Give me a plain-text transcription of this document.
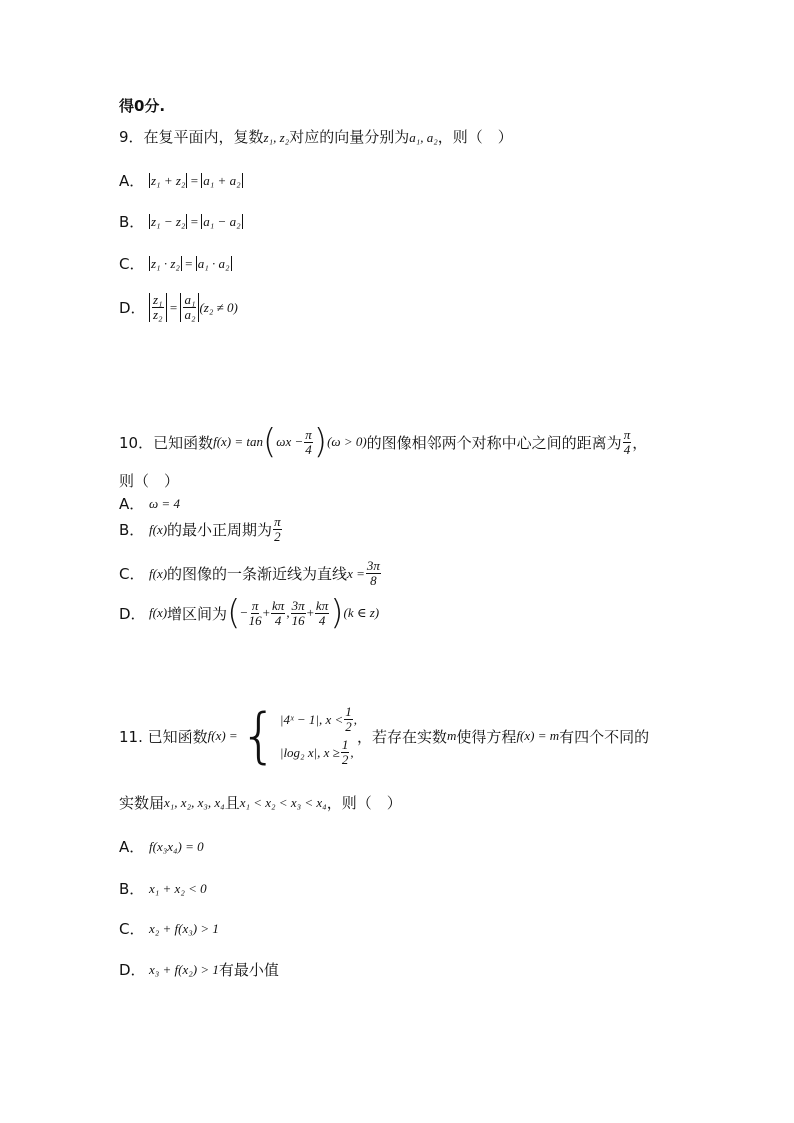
得0分.
9．在复平面内，复数z₁, z₂对应的向量分别为a₁, a₂，则（　）
A． z₁ + z₂ = a₁ + a₂
B． z₁ − z₂ = a₁ − a₂
C． z₁ · z₂ = a₁ · a₂
D． $\frac{\text{z₁}}{\text{z₂}} = \frac{\text{a₁}}{\text{a₂}} (z_2 \ne 0)$
10．已知函数 f(x) = tan ( $\omega x - \frac{\pi}{4}$ ) (ω > 0) 的图像相邻两个对称中心之间的距离为 $\frac{\pi}{4}$ ，
则（　）
A． ω = 4
B． f(x) 的最小正周期为 $\frac{\pi}{2}$
C． f(x) 的图像的一条渐近线为直线 $x = \frac{3\pi}{8}$
D． f(x) 增区间为 ( − $\frac{\pi}{16} + \frac{k\pi}{4}$ , $\frac{3\pi}{16} + \frac{k\pi}{4}$ ) (k ∈ z)
11. 已知函数 f(x) = { |4ˣ − 1|, $x < \frac{1}{2}$ ,
|log₂ x|, $x \ge \frac{1}{2}$ ,
，若存在实数 m 使得方程 f(x) = m 有四个不同的
实数届 x₁, x₂, x₃, x₄ 且 x₁ < x₂ < x₃ < x₄ ，则（　）
A． f(x₃x₄) = 0
B． x₁ + x₂ < 0
C． x₂ + f(x₃) > 1
D． x₃ + f(x₂) > 1 有最小值
